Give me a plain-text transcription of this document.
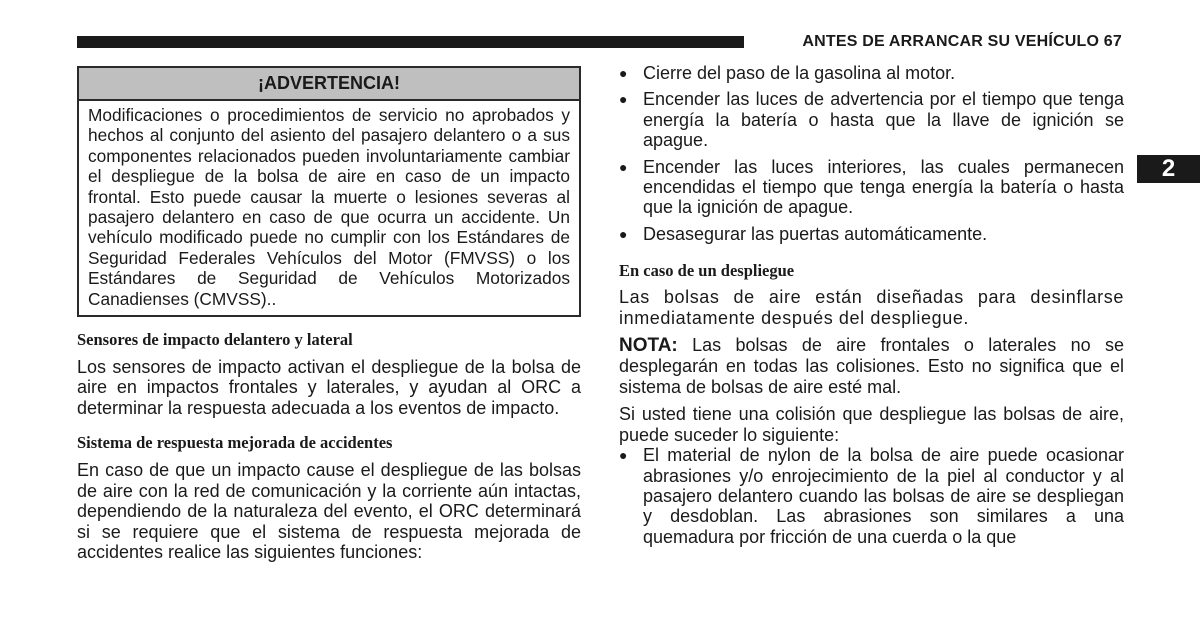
ANTES DE ARRANCAR SU VEHÍCULO 67
2
¡ADVERTENCIA!
Modificaciones o procedimientos de servicio no aprobados y hechos al conjunto del asiento del pasajero delantero o a sus componentes relacionados pueden involuntariamente cambiar el despliegue de la bolsa de aire en caso de un impacto frontal. Esto puede causar la muerte o lesiones severas al pasajero delantero en caso de que ocurra un accidente. Un vehículo modificado puede no cumplir con los Estándares de Seguridad Federales Vehículos del Motor (FMVSS) o los Estándares de Seguridad de Vehículos Motorizados Canadienses (CMVSS)..
Sensores de impacto delantero y lateral

Los sensores de impacto activan el despliegue de la bolsa de aire en impactos frontales y laterales, y ayudan al ORC a determinar la respuesta adecuada a los eventos de impacto.

Sistema de respuesta mejorada de accidentes

En caso de que un impacto cause el despliegue de las bolsas de aire con la red de comunicación y la corriente aún intactas, dependiendo de la naturaleza del evento, el ORC determinará si se requiere que el sistema de respuesta mejorada de accidentes realice las siguientes funciones:

● Cierre del paso de la gasolina al motor.
● Encender las luces de advertencia por el tiempo que tenga energía la batería o hasta que la llave de ignición se apague.
● Encender las luces interiores, las cuales permanecen encendidas el tiempo que tenga energía la batería o hasta que la ignición de apague.
● Desasegurar las puertas automáticamente.
En caso de un despliegue

Las bolsas de aire están diseñadas para desinflarse inmediatamente después del despliegue.

NOTA: Las bolsas de aire frontales o laterales no se desplegarán en todas las colisiones. Esto no significa que el sistema de bolsas de aire esté mal.

Si usted tiene una colisión que despliegue las bolsas de aire, puede suceder lo siguiente:

● El material de nylon de la bolsa de aire puede ocasionar abrasiones y/o enrojecimiento de la piel al conductor y al pasajero delantero cuando las bolsas de aire se despliegan y desdoblan. Las abrasiones son similares a una quemadura por fricción de una cuerda o la que
